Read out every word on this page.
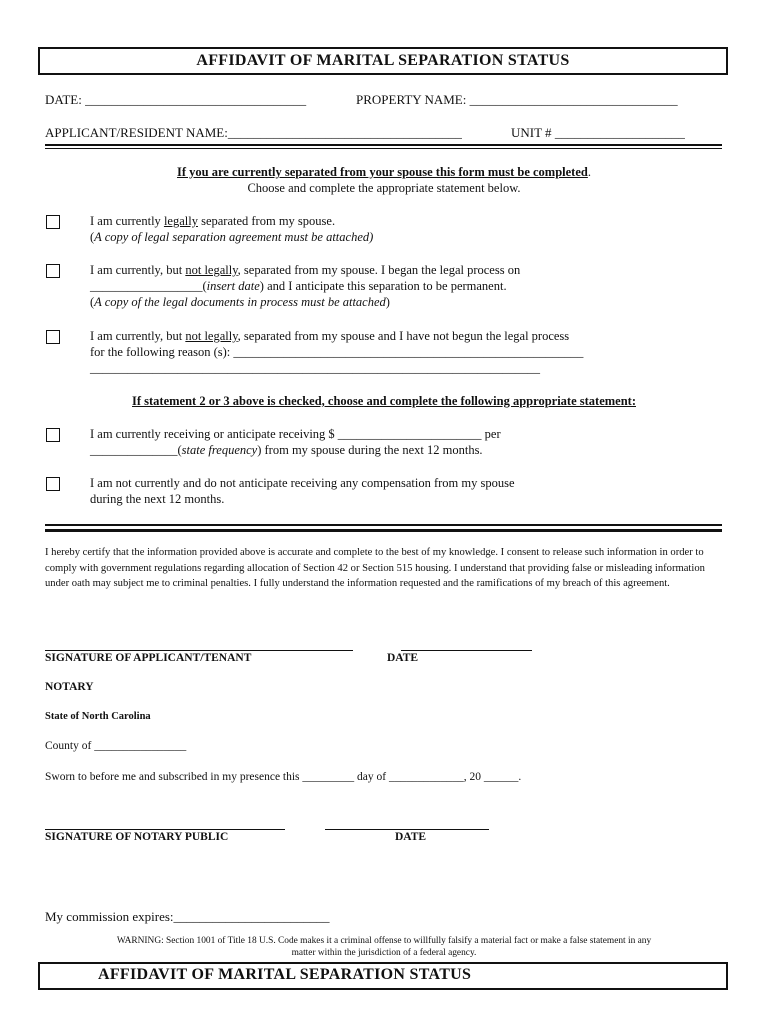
AFFIDAVIT OF MARITAL SEPARATION STATUS
DATE: __________________________________	PROPERTY NAME: ________________________________
APPLICANT/RESIDENT NAME:____________________________________	UNIT # ____________________
If you are currently separated from your spouse this form must be completed.
Choose and complete the appropriate statement below.
I am currently legally separated from my spouse.
(A copy of legal separation agreement must be attached)
I am currently, but not legally, separated from my spouse. I began the legal process on
__________________(insert date) and I anticipate this separation to be permanent.
(A copy of the legal documents in process must be attached)
I am currently, but not legally, separated from my spouse and I have not begun the legal process
for the following reason (s): ________________________________________________________
________________________________________________________________________
If statement 2 or 3 above is checked, choose and complete the following appropriate statement:
I am currently receiving or anticipate receiving $ _______________________ per
______________(state frequency) from my spouse during the next 12 months.
I am not currently and do not anticipate receiving any compensation from my spouse
during the next 12 months.
I hereby certify that the information provided above is accurate and complete to the best of my knowledge. I consent to release such information in order to comply with government regulations regarding allocation of Section 42 or Section 515 housing. I understand that providing false or misleading information under oath may subject me to criminal penalties. I fully understand the information requested and the ramifications of my breach of this agreement.
SIGNATURE OF APPLICANT/TENANT	DATE
NOTARY
State of North Carolina
County of ________________
Sworn to before me and subscribed in my presence this _________ day of _____________, 20 ______.
SIGNATURE OF NOTARY PUBLIC	DATE
My commission expires:________________________
WARNING: Section 1001 of Title 18 U.S. Code makes it a criminal offense to willfully falsify a material fact or make a false statement in any
matter within the jurisdiction of a federal agency.
AFFIDAVIT OF MARITAL SEPARATION STATUS
